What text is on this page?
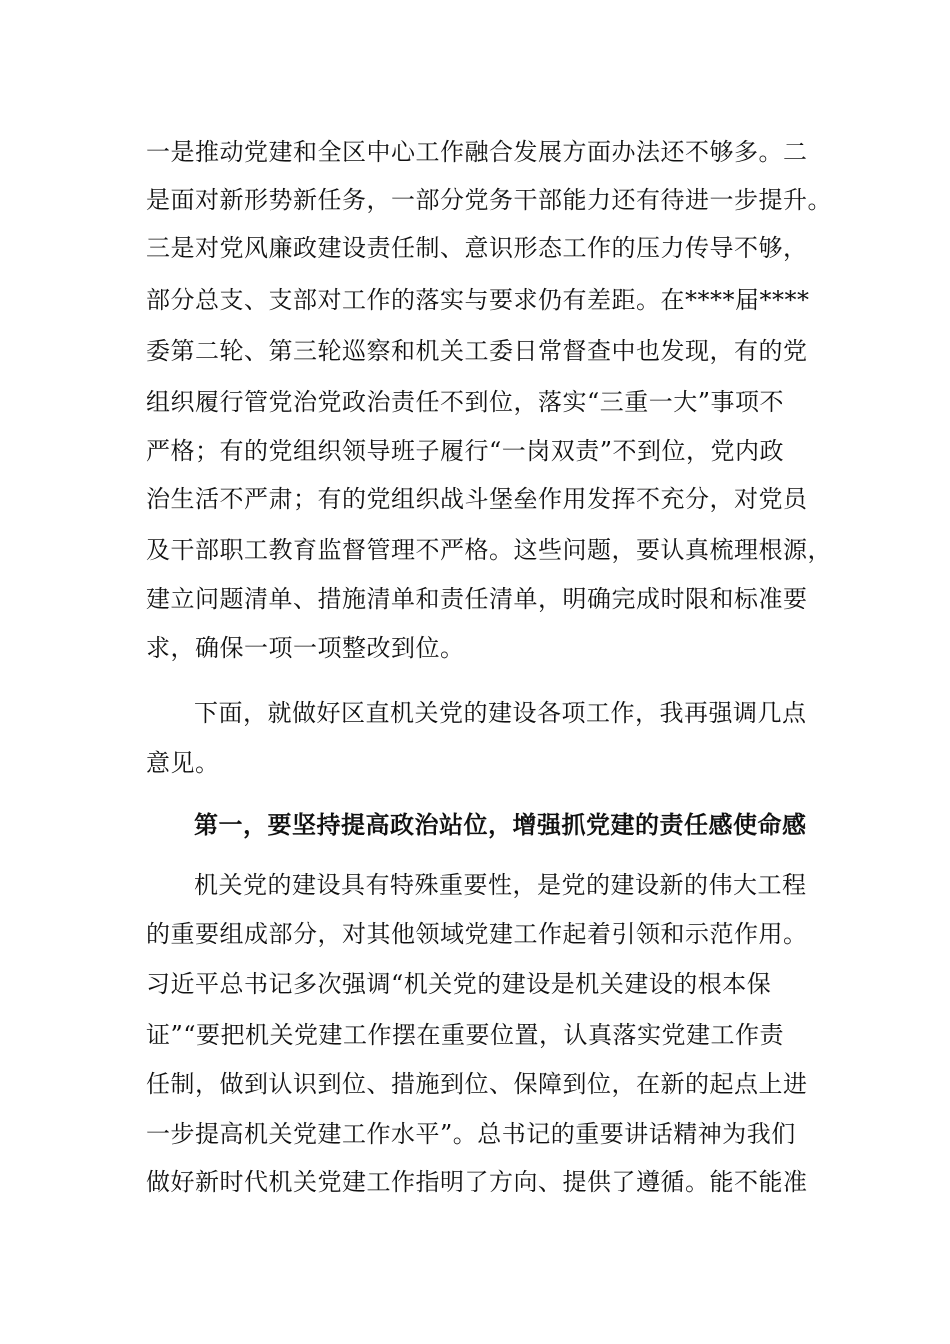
一是推动党建和全区中心工作融合发展方面办法还不够多。二
是面对新形势新任务，一部分党务干部能力还有待进一步提升。
三是对党风廉政建设责任制、意识形态工作的压力传导不够，
部分总支、支部对工作的落实与要求仍有差距。在****届****
委第二轮、第三轮巡察和机关工委日常督查中也发现，有的党
组织履行管党治党政治责任不到位，落实“三重一大”事项不
严格；有的党组织领导班子履行“一岗双责”不到位，党内政
治生活不严肃；有的党组织战斗堡垒作用发挥不充分，对党员
及干部职工教育监督管理不严格。这些问题，要认真梳理根源，
建立问题清单、措施清单和责任清单，明确完成时限和标准要
求，确保一项一项整改到位。
下面，就做好区直机关党的建设各项工作，我再强调几点
意见。
第一，要坚持提高政治站位，增强抓党建的责任感使命感
机关党的建设具有特殊重要性，是党的建设新的伟大工程
的重要组成部分，对其他领域党建工作起着引领和示范作用。
习近平总书记多次强调“机关党的建设是机关建设的根本保
证”“要把机关党建工作摆在重要位置，认真落实党建工作责
任制，做到认识到位、措施到位、保障到位，在新的起点上进
一步提高机关党建工作水平”。总书记的重要讲话精神为我们
做好新时代机关党建工作指明了方向、提供了遵循。能不能准
